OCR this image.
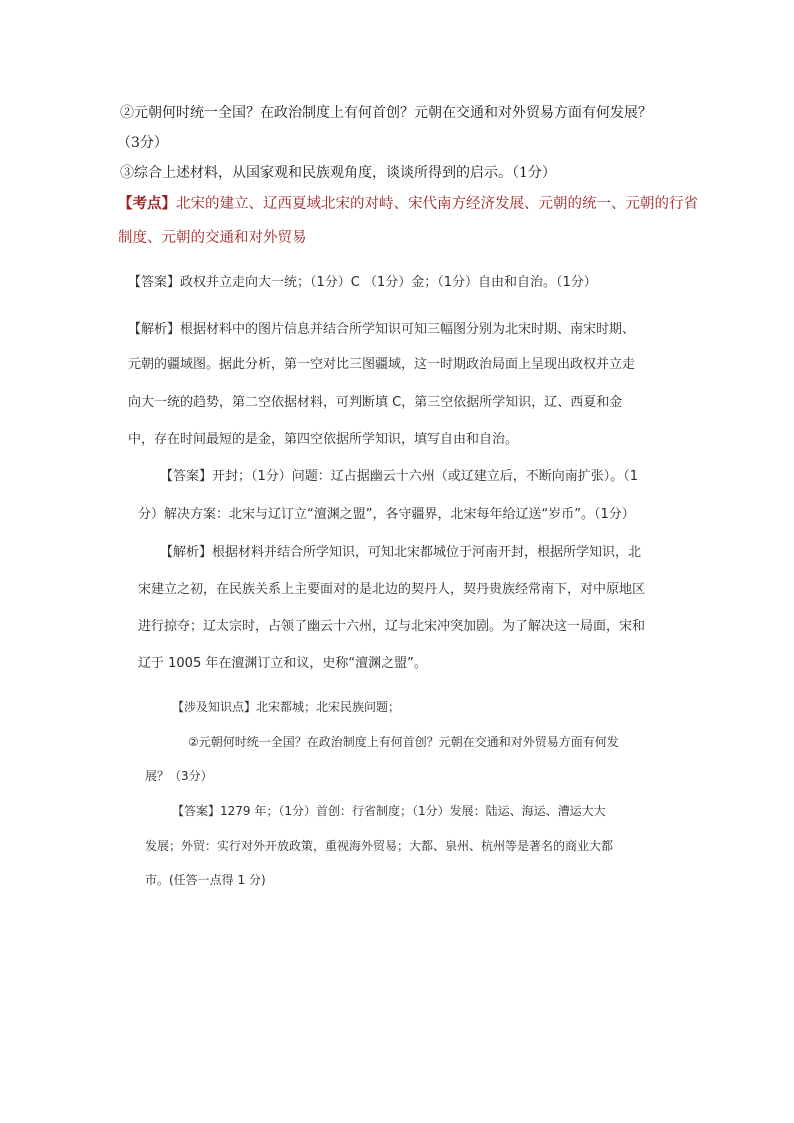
②元朝何时统一全国？在政治制度上有何首创？元朝在交通和对外贸易方面有何发展？
（3分）
③综合上述材料，从国家观和民族观角度，谈谈所得到的启示。（1分）
【考点】北宋的建立、辽西夏域北宋的对峙、宋代南方经济发展、元朝的统一、元朝的行省
制度、元朝的交通和对外贸易
【答案】政权并立走向大一统；（1分）C （1分）金；（1分）自由和自治。（1分）
【解析】根据材料中的图片信息并结合所学知识可知三幅图分别为北宋时期、南宋时期、
元朝的疆域图。据此分析，第一空对比三图疆域，这一时期政治局面上呈现出政权并立走
向大一统的趋势，第二空依据材料，可判断填 C，第三空依据所学知识，辽、西夏和金
中，存在时间最短的是金，第四空依据所学知识，填写自由和自治。
【答案】开封；（1分）问题：辽占据幽云十六州（或辽建立后，不断向南扩张）。（1
分）解决方案：北宋与辽订立“澶渊之盟”，各守疆界，北宋每年给辽送“岁币”。（1分）
【解析】根据材料并结合所学知识，可知北宋都城位于河南开封，根据所学知识，北
宋建立之初，在民族关系上主要面对的是北边的契丹人，契丹贵族经常南下，对中原地区
进行掠夺；辽太宗时，占领了幽云十六州，辽与北宋冲突加剧。为了解决这一局面，宋和
辽于 1005 年在澶渊订立和议，史称“澶渊之盟”。
【涉及知识点】北宋都城；北宋民族问题；
②元朝何时统一全国？在政治制度上有何首创？元朝在交通和对外贸易方面有何发
展？（3分）
【答案】1279 年；（1分）首创：行省制度；（1分）发展：陆运、海运、漕运大大
发展；外贸：实行对外开放政策，重视海外贸易；大都、泉州、杭州等是著名的商业大都
市。(任答一点得 1 分)
